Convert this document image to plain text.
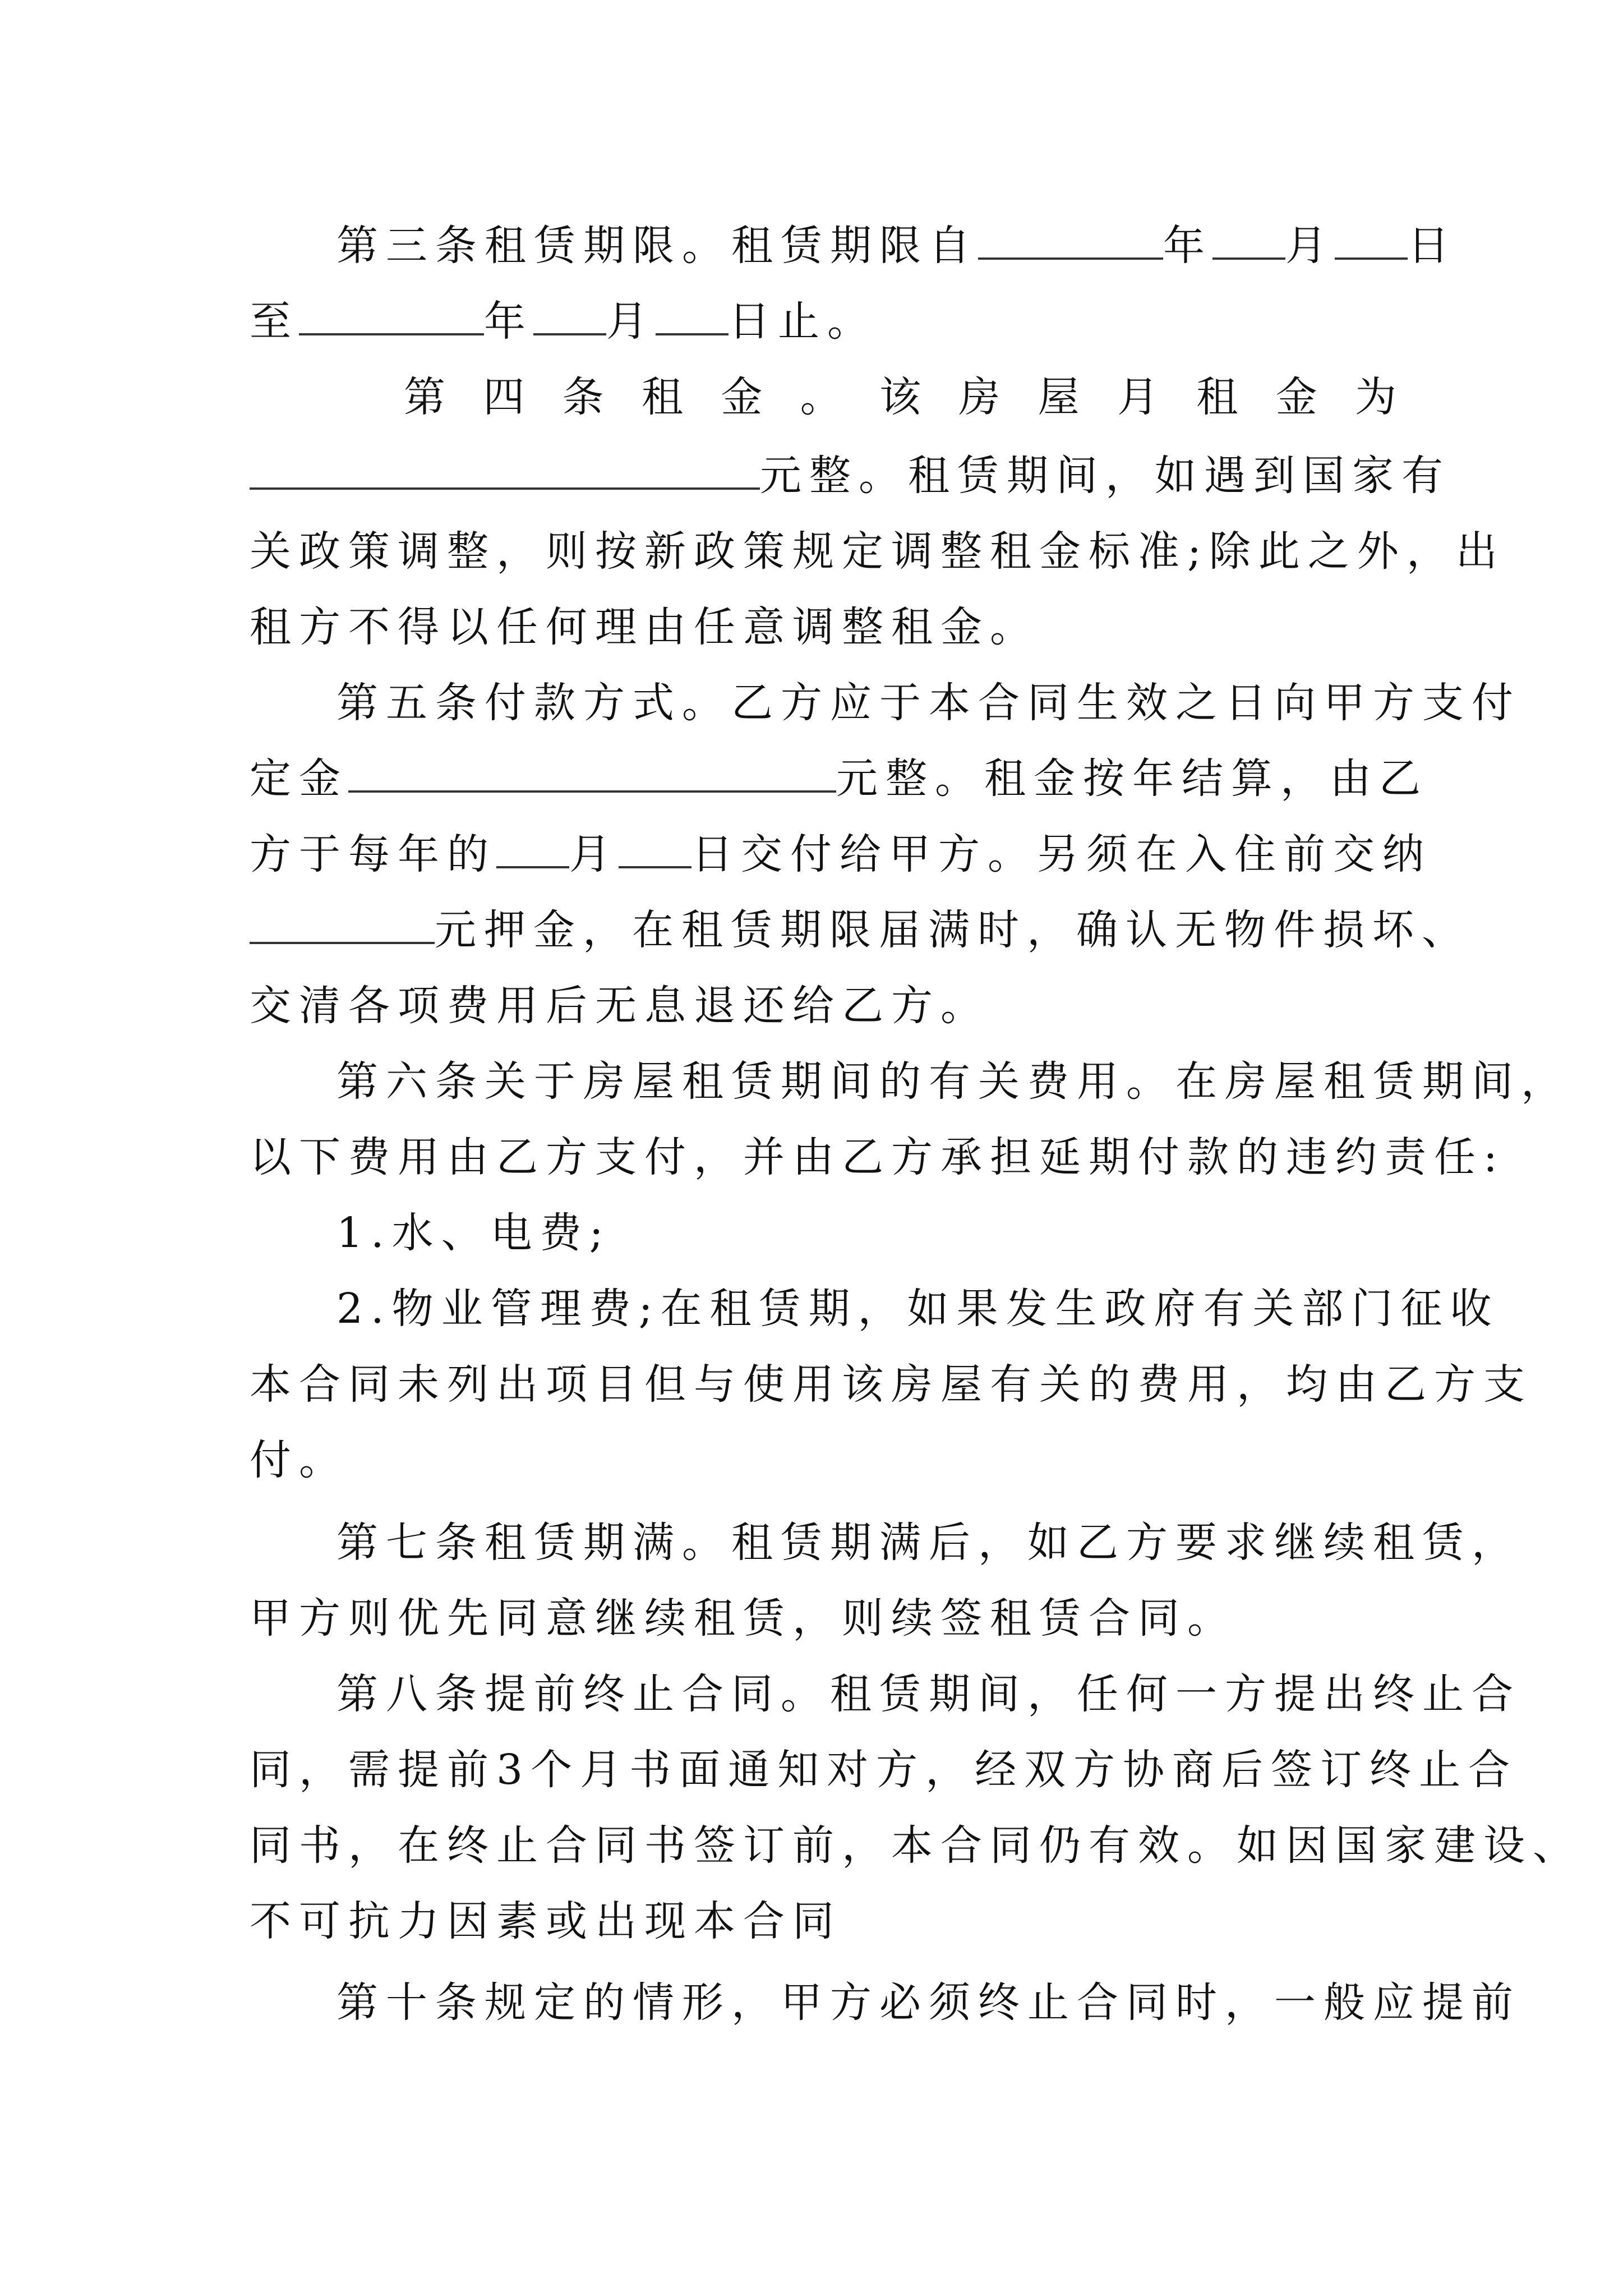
第三条租赁期限。租赁期限自	年 月 日
至	年 月 日止。
第 四 条 租 金 。 该 房 屋 月 租 金 为
元整。租赁期间，如遇到国家有
关政策调整，则按新政策规定调整租金标准;除此之外，出
租方不得以任何理由任意调整租金。
第五条付款方式。乙方应于本合同生效之日向甲方支付
定金	元整。租金按年结算，由乙
方于每年的 月 日交付给甲方。另须在入住前交纳
元押金，在租赁期限届满时，确认无物件损坏、
交清各项费用后无息退还给乙方。
第六条关于房屋租赁期间的有关费用。在房屋租赁期间，
以下费用由乙方支付，并由乙方承担延期付款的违约责任:
1.水、电费;
2.物业管理费;在租赁期，如果发生政府有关部门征收
本合同未列出项目但与使用该房屋有关的费用，均由乙方支
付。
第七条租赁期满。租赁期满后，如乙方要求继续租赁，
甲方则优先同意继续租赁，则续签租赁合同。
第八条提前终止合同。租赁期间，任何一方提出终止合
同，需提前3个月书面通知对方，经双方协商后签订终止合
同书，在终止合同书签订前，本合同仍有效。如因国家建设、
不可抗力因素或出现本合同
第十条规定的情形，甲方必须终止合同时，一般应提前
